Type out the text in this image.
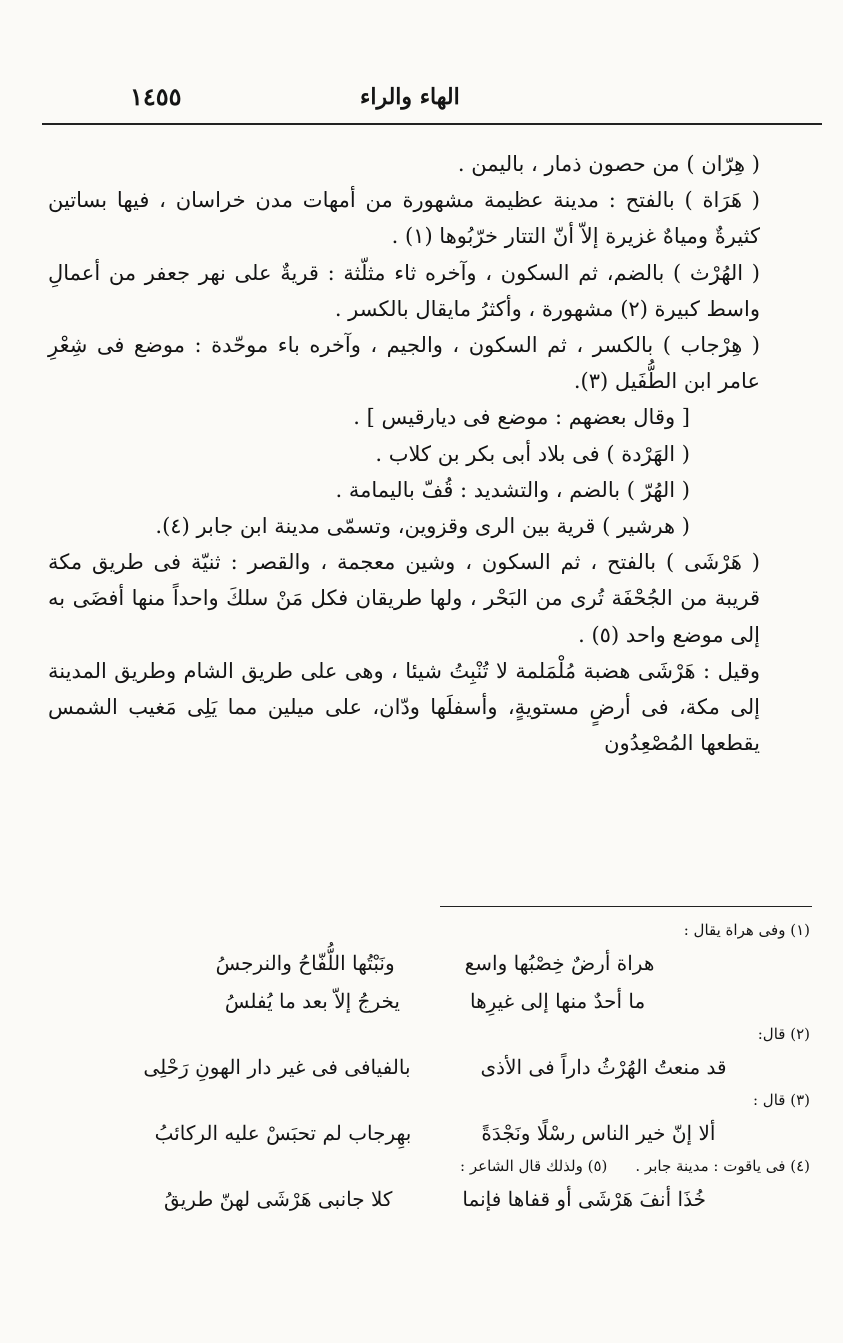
١٤٥٥	الهاء والراء

( هِرّان ) من حصون ذمار ، باليمن .

( هَرَاة ) بالفتح : مدينة عظيمة مشهورة من أمهات مدن خراسان ، فيها بساتين كثيرةٌ ومياهٌ غزيرة إلاّ أنّ التتار خرّبُوها (١) .

( الهُرْث ) بالضم، ثم السكون ، وآخره ثاء مثلّثة : قريةٌ على نهر جعفر من أعمالِ واسط كبيرة (٢) مشهورة ، وأكثرُ مايقال بالكسر .

( هِرْجاب ) بالكسر ، ثم السكون ، والجيم ، وآخره باء موحّدة : موضع فى شِعْرِ عامر ابن الطُّفَيل (٣).

[ وقال بعضهم : موضع فى ديارقيس ] .

( الهَرْدة ) فى بلاد أبى بكر بن كلاب .

( الهُرّ ) بالضم ، والتشديد : قُفّ باليمامة .

( هرشير ) قرية بين الرى وقزوين، وتسمّى مدينة ابن جابر (٤).

( هَرْشَى ) بالفتح ، ثم السكون ، وشين معجمة ، والقصر : ثنيّة فى طريق مكة قريبة من الجُحْفَة تُرى من البَحْر ، ولها طريقان فكل مَنْ سلكَ واحداً منها أفضَى به إلى موضع واحد (٥) .

وقيل : هَرْشَى هضبة مُلْمَلمة لا تُنْبِتُ شيئا ، وهى على طريق الشام وطريق المدينة إلى مكة، فى أرضٍ مستويةٍ، وأسفلَها ودّان، على ميلين مما يَلِى مَغيب الشمس يقطعها المُصْعِدُون

(١) وفى هراة يقال :

هراة أرضٌ خِصْبُها واسع
ونَبْتُها اللُّفّاحُ والنرجسُ
ما أحدٌ منها إلى غيرِها
يخرجُ إلاّ بعد ما يُفلسُ

(٢) قال:

قد منعتُ الهُرْثُ داراً فى الأذى
بالفيافى فى غير دار الهونِ رَحْلِى

(٣) قال :

ألا إنّ خير الناس رسْلًا ونَجْدَةً
بهِرجاب لم تحبَسْ عليه الركائبُ
(٤) فى ياقوت : مدينة جابر .
(٥) ولذلك قال الشاعر :
خُذَا أنفَ هَرْشَى أو قفاها فإنما
كلا جانبى هَرْشَى لهنّ طريقُ
